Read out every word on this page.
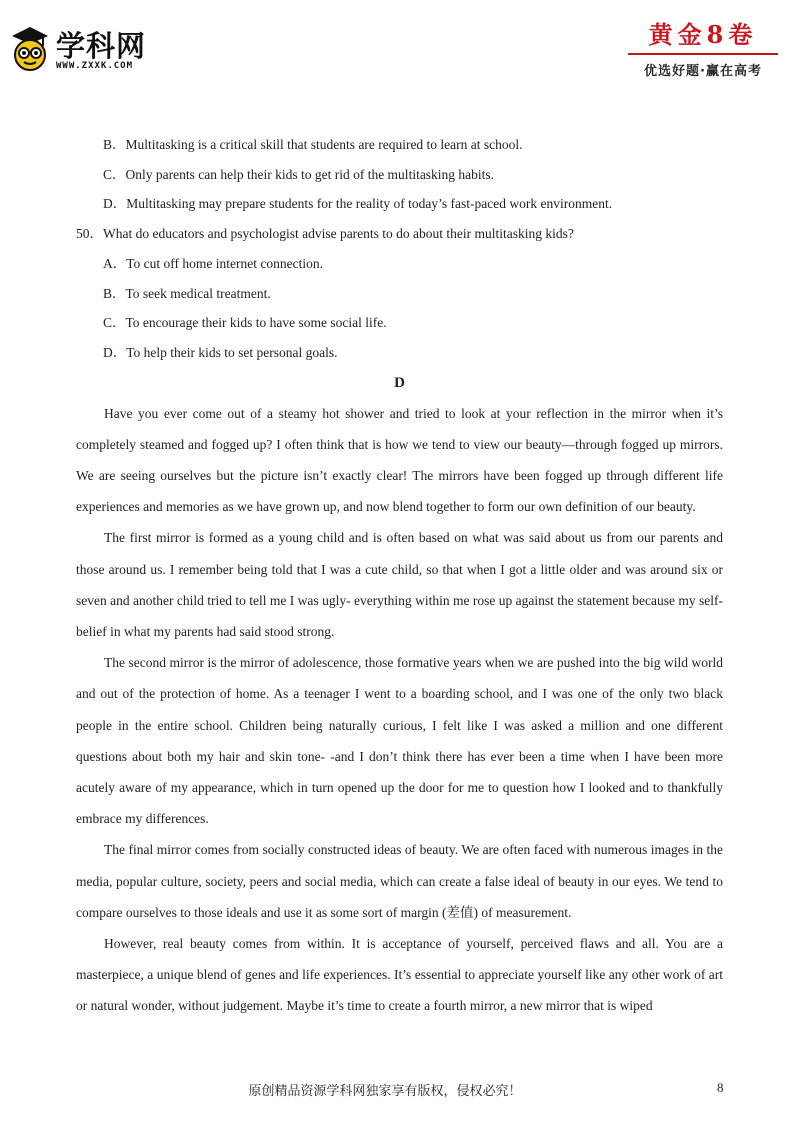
学科网
WWW.ZXXK.COM
黄金8卷
优选好题·赢在高考

B．Multitasking is a critical skill that students are required to learn at school.

C．Only parents can help their kids to get rid of the multitasking habits.

D．Multitasking may prepare students for the reality of today’s fast-paced work environment.

50．What do educators and psychologist advise parents to do about their multitasking kids?

A．To cut off home internet connection.

B．To seek medical treatment.

C．To encourage their kids to have some social life.

D．To help their kids to set personal goals.

D

Have you ever come out of a steamy hot shower and tried to look at your reflection in the mirror when it’s completely steamed and fogged up? I often think that is how we tend to view our beauty—through fogged up mirrors. We are seeing ourselves but the picture isn’t exactly clear! The mirrors have been fogged up through different life experiences and memories as we have grown up, and now blend together to form our own definition of our beauty.

The first mirror is formed as a young child and is often based on what was said about us from our parents and those around us. I remember being told that I was a cute child, so that when I got a little older and was around six or seven and another child tried to tell me I was ugly- everything within me rose up against the statement because my self-belief in what my parents had said stood strong.

The second mirror is the mirror of adolescence, those formative years when we are pushed into the big wild world and out of the protection of home. As a teenager I went to a boarding school, and I was one of the only two black people in the entire school. Children being naturally curious, I felt like I was asked a million and one different questions about both my hair and skin tone- -and I don’t think there has ever been a time when I have been more acutely aware of my appearance, which in turn opened up the door for me to question how I looked and to thankfully embrace my differences.

The final mirror comes from socially constructed ideas of beauty. We are often faced with numerous images in the media, popular culture, society, peers and social media, which can create a false ideal of beauty in our eyes. We tend to compare ourselves to those ideals and use it as some sort of margin (差值) of measurement.

However, real beauty comes from within. It is acceptance of yourself, perceived flaws and all. You are a masterpiece, a unique blend of genes and life experiences. It’s essential to appreciate yourself like any other work of art or natural wonder, without judgement. Maybe it’s time to create a fourth mirror, a new mirror that is wiped

原创精品资源学科网独家享有版权，侵权必究！	8
